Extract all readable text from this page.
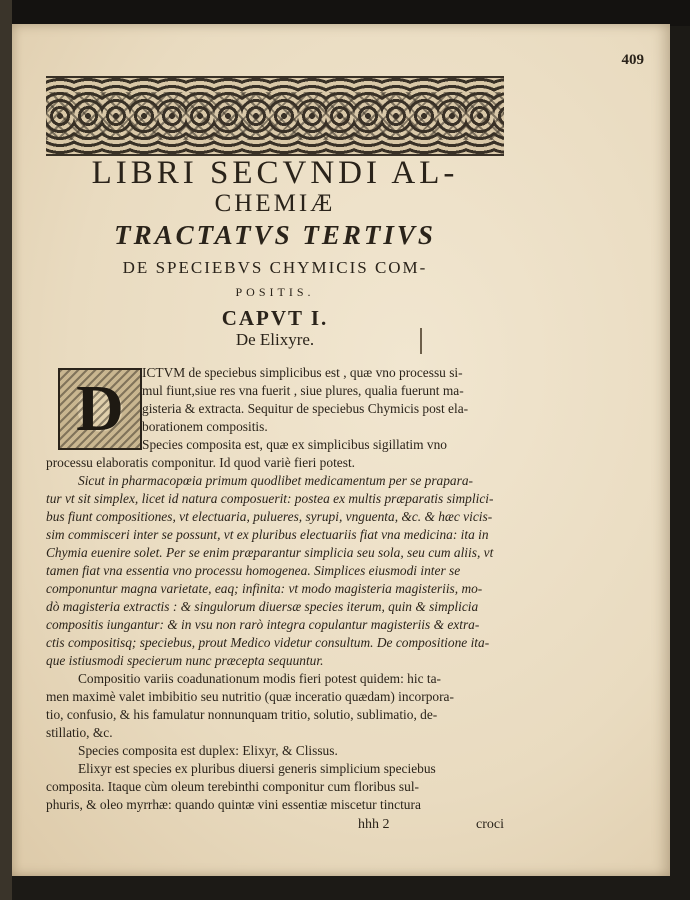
409
LIBRI SECVNDI AL-
CHEMIÆ
TRACTATVS TERTIVS
DE SPECIEBVS CHYMICIS COM-
POSITIS.
CAPVT I.
De Elixyre.
D	ICTVM de speciebus simplicibus est , quæ vno processu si-
mul fiunt,siue res vna fuerit , siue plures, qualia fuerunt ma-
gisteria & extracta. Sequitur de speciebus Chymicis post ela-
borationem compositis.
Species composita est, quæ ex simplicibus sigillatim vno
processu elaboratis componitur. Id quod variè fieri potest.
Sicut in pharmacopœia primum quodlibet medicamentum per se prapara-
tur vt sit simplex, licet id natura composuerit: postea ex multis præparatis simplici-
bus fiunt compositiones, vt electuaria, pulueres, syrupi, vnguenta, &c. & hæc vicis-
sim commisceri inter se possunt, vt ex pluribus electuariis fiat vna medicina: ita in
Chymia euenire solet. Per se enim præparantur simplicia seu sola, seu cum aliis, vt
tamen fiat vna essentia vno processu homogenea. Simplices eiusmodi inter se
componuntur magna varietate, eaq; infinita: vt modo magisteria magisteriis, mo-
dò magisteria extractis : & singulorum diuersæ species iterum, quin & simplicia
compositis iungantur: & in vsu non rarò integra copulantur magisteriis & extra-
ctis compositisq; speciebus, prout Medico videtur consultum. De compositione ita-
que istiusmodi specierum nunc præcepta sequuntur.
Compositio variis coadunationum modis fieri potest quidem: hic ta-
men maximè valet imbibitio seu nutritio (quæ inceratio quædam) incorpora-
tio, confusio, & his famulatur nonnunquam tritio, solutio, sublimatio, de-
stillatio, &c.
Species composita est duplex: Elixyr, & Clissus.
Elixyr est species ex pluribus diuersi generis simplicium speciebus
composita. Itaque cùm oleum terebinthi componitur cum floribus sul-
phuris, & oleo myrrhæ: quando quintæ vini essentiæ miscetur tinctura
hhh 2	croci
